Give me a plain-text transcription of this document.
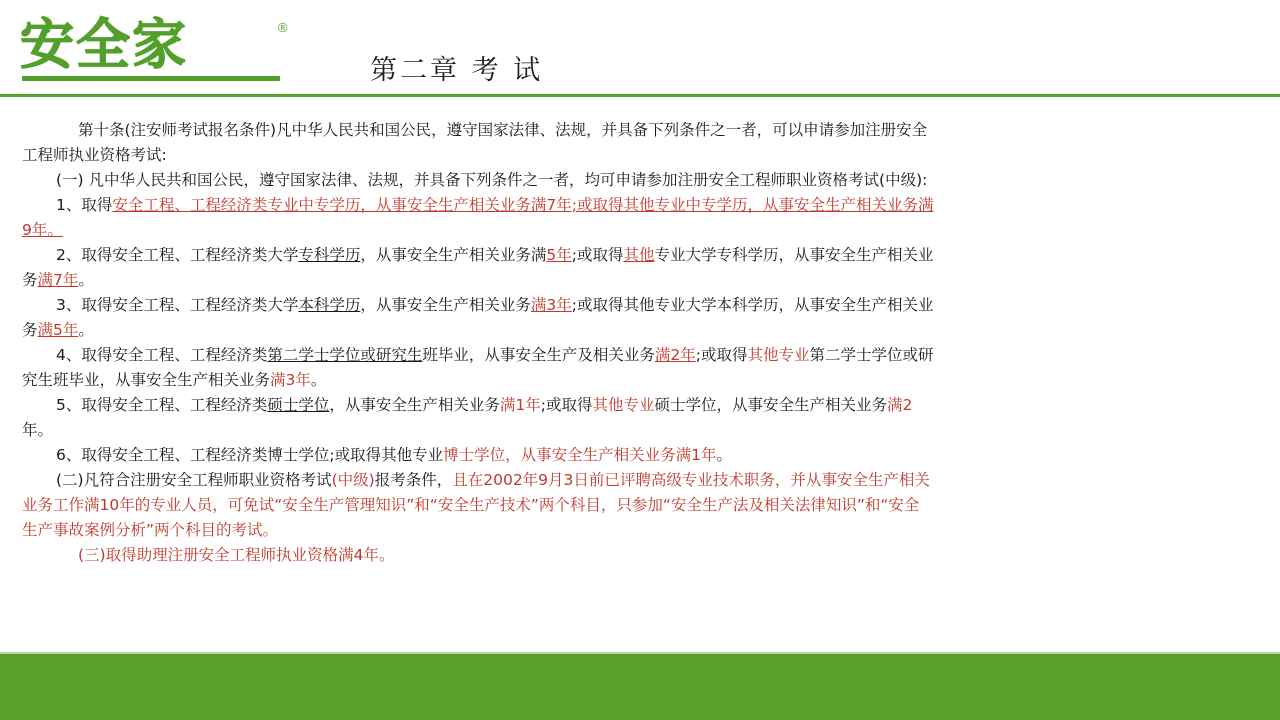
安全家	®
第二章 考 试

第十条(注安师考试报名条件)凡中华人民共和国公民，遵守国家法律、法规，并具备下列条件之一者，可以申请参加注册安全
工程师执业资格考试:

(一) 凡中华人民共和国公民，遵守国家法律、法规，并具备下列条件之一者，均可申请参加注册安全工程师职业资格考试(中级):

1、取得安全工程、工程经济类专业中专学历，从事安全生产相关业务满7年;或取得其他专业中专学历，从事安全生产相关业务满
9年。

2、取得安全工程、工程经济类大学专科学历，从事安全生产相关业务满5年;或取得其他专业大学专科学历，从事安全生产相关业
务满7年。

3、取得安全工程、工程经济类大学本科学历，从事安全生产相关业务满3年;或取得其他专业大学本科学历，从事安全生产相关业
务满5年。

4、取得安全工程、工程经济类第二学士学位或研究生班毕业，从事安全生产及相关业务满2年;或取得其他专业第二学士学位或研
究生班毕业，从事安全生产相关业务满3年。

5、取得安全工程、工程经济类硕士学位，从事安全生产相关业务满1年;或取得其他专业硕士学位，从事安全生产相关业务满2
年。

6、取得安全工程、工程经济类博士学位;或取得其他专业博士学位，从事安全生产相关业务满1年。

(二)凡符合注册安全工程师职业资格考试(中级)报考条件，且在2002年9月3日前已评聘高级专业技术职务，并从事安全生产相关
业务工作满10年的专业人员，可免试“安全生产管理知识”和“安全生产技术”两个科目，只参加“安全生产法及相关法律知识”和“安全
生产事故案例分析”两个科目的考试。

(三)取得助理注册安全工程师执业资格满4年。
